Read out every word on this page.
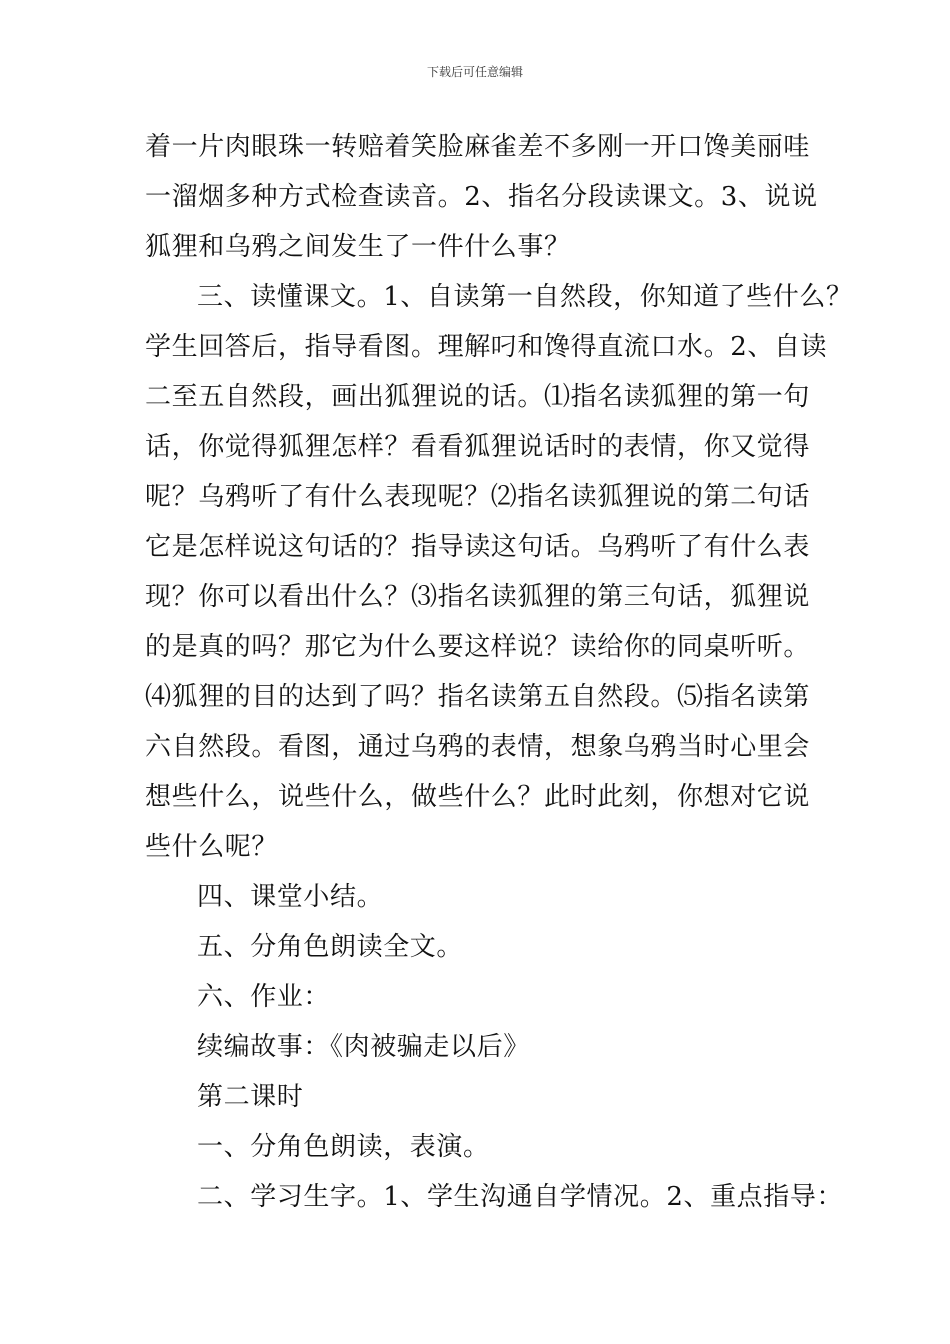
下载后可任意编辑
着一片肉眼珠一转赔着笑脸麻雀差不多刚一开口馋美丽哇
一溜烟多种方式检查读音。2、指名分段读课文。3、说说
狐狸和乌鸦之间发生了一件什么事？
三、读懂课文。1、自读第一自然段，你知道了些什么？
学生回答后，指导看图。理解叼和馋得直流口水。2、自读
二至五自然段，画出狐狸说的话。⑴指名读狐狸的第一句
话，你觉得狐狸怎样？看看狐狸说话时的表情，你又觉得
呢？乌鸦听了有什么表现呢？⑵指名读狐狸说的第二句话
它是怎样说这句话的？指导读这句话。乌鸦听了有什么表
现？你可以看出什么？⑶指名读狐狸的第三句话，狐狸说
的是真的吗？那它为什么要这样说？读给你的同桌听听。
⑷狐狸的目的达到了吗？指名读第五自然段。⑸指名读第
六自然段。看图，通过乌鸦的表情，想象乌鸦当时心里会
想些什么，说些什么，做些什么？此时此刻，你想对它说
些什么呢？
四、课堂小结。
五、分角色朗读全文。
六、作业：
续编故事：《肉被骗走以后》
第二课时
一、分角色朗读，表演。
二、学习生字。1、学生沟通自学情况。2、重点指导：
